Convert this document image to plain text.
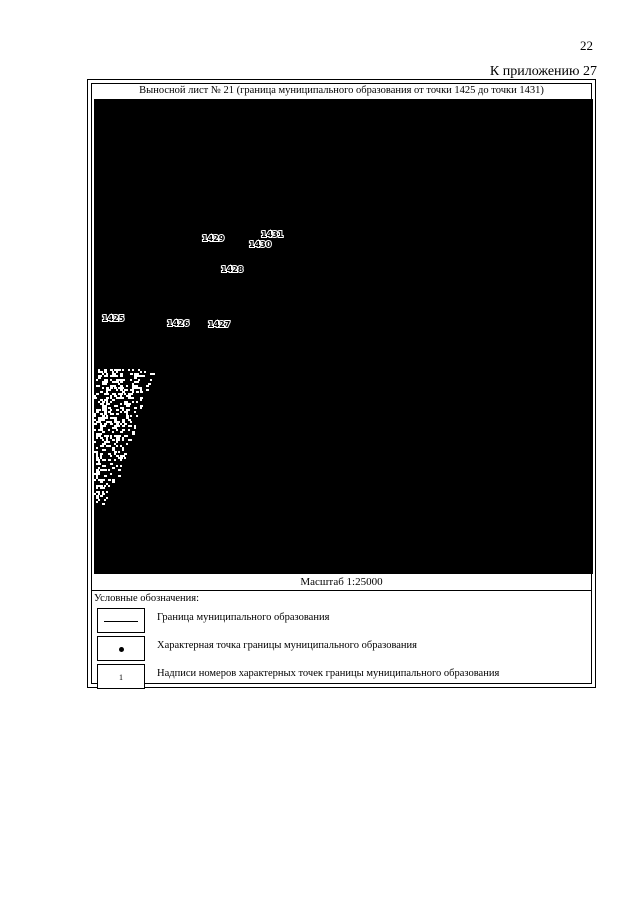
22
К приложению 27
Выносной лист № 21 (граница муниципального образования от точки 1425 до точки 1431)
1425
1426 1427
1428
1429
1430
1431
Масштаб 1:25000
Условные обозначения:
Граница муниципального образования
Характерная точка границы муниципального образования
1	Надписи номеров характерных точек границы муниципального образования
